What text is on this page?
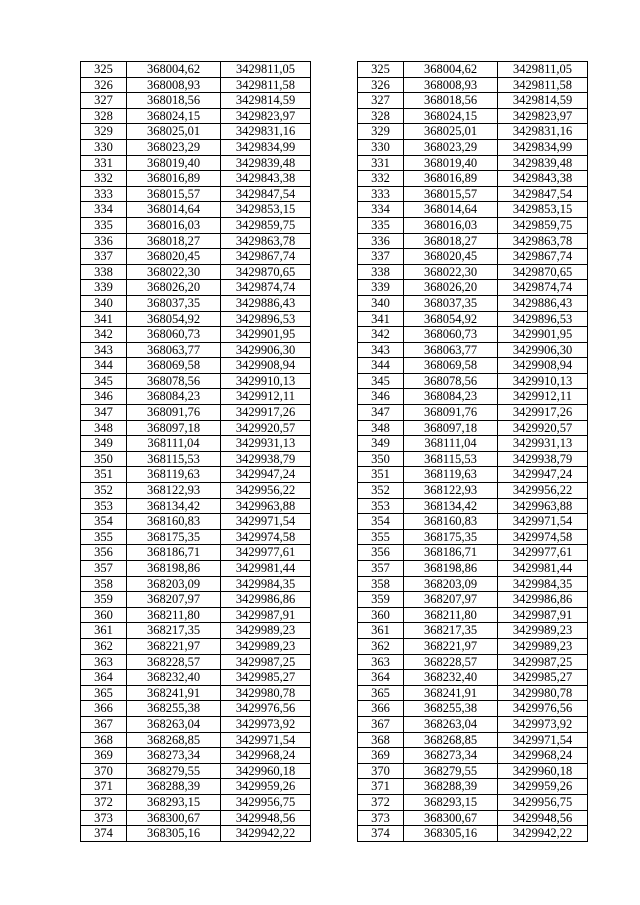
325	368004,62	3429811,05		325	368004,62	3429811,05
326	368008,93	3429811,58		326	368008,93	3429811,58
327	368018,56	3429814,59		327	368018,56	3429814,59
328	368024,15	3429823,97		328	368024,15	3429823,97
329	368025,01	3429831,16		329	368025,01	3429831,16
330	368023,29	3429834,99		330	368023,29	3429834,99
331	368019,40	3429839,48		331	368019,40	3429839,48
332	368016,89	3429843,38		332	368016,89	3429843,38
333	368015,57	3429847,54		333	368015,57	3429847,54
334	368014,64	3429853,15		334	368014,64	3429853,15
335	368016,03	3429859,75		335	368016,03	3429859,75
336	368018,27	3429863,78		336	368018,27	3429863,78
337	368020,45	3429867,74		337	368020,45	3429867,74
338	368022,30	3429870,65		338	368022,30	3429870,65
339	368026,20	3429874,74		339	368026,20	3429874,74
340	368037,35	3429886,43		340	368037,35	3429886,43
341	368054,92	3429896,53		341	368054,92	3429896,53
342	368060,73	3429901,95		342	368060,73	3429901,95
343	368063,77	3429906,30		343	368063,77	3429906,30
344	368069,58	3429908,94		344	368069,58	3429908,94
345	368078,56	3429910,13		345	368078,56	3429910,13
346	368084,23	3429912,11		346	368084,23	3429912,11
347	368091,76	3429917,26		347	368091,76	3429917,26
348	368097,18	3429920,57		348	368097,18	3429920,57
349	368111,04	3429931,13		349	368111,04	3429931,13
350	368115,53	3429938,79		350	368115,53	3429938,79
351	368119,63	3429947,24		351	368119,63	3429947,24
352	368122,93	3429956,22		352	368122,93	3429956,22
353	368134,42	3429963,88		353	368134,42	3429963,88
354	368160,83	3429971,54		354	368160,83	3429971,54
355	368175,35	3429974,58		355	368175,35	3429974,58
356	368186,71	3429977,61		356	368186,71	3429977,61
357	368198,86	3429981,44		357	368198,86	3429981,44
358	368203,09	3429984,35		358	368203,09	3429984,35
359	368207,97	3429986,86		359	368207,97	3429986,86
360	368211,80	3429987,91		360	368211,80	3429987,91
361	368217,35	3429989,23		361	368217,35	3429989,23
362	368221,97	3429989,23		362	368221,97	3429989,23
363	368228,57	3429987,25		363	368228,57	3429987,25
364	368232,40	3429985,27		364	368232,40	3429985,27
365	368241,91	3429980,78		365	368241,91	3429980,78
366	368255,38	3429976,56		366	368255,38	3429976,56
367	368263,04	3429973,92		367	368263,04	3429973,92
368	368268,85	3429971,54		368	368268,85	3429971,54
369	368273,34	3429968,24		369	368273,34	3429968,24
370	368279,55	3429960,18		370	368279,55	3429960,18
371	368288,39	3429959,26		371	368288,39	3429959,26
372	368293,15	3429956,75		372	368293,15	3429956,75
373	368300,67	3429948,56		373	368300,67	3429948,56
374	368305,16	3429942,22		374	368305,16	3429942,22
